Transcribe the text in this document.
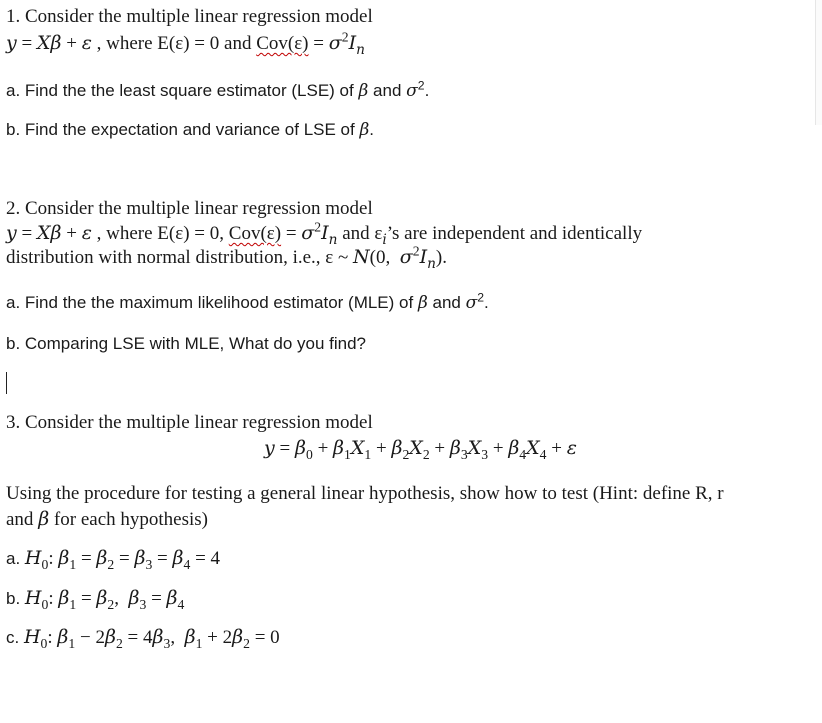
1. Consider the multiple linear regression model
y = Xβ + ε , where E(ε) = 0 and $Cov(\varepsilon) = \sigma^2I_n$
a. Find the the least square estimator (LSE) of β and $\sigma^2$.
b. Find the expectation and variance of LSE of β.
2. Consider the multiple linear regression model
y = Xβ + ε , where E(ε) = 0, $Cov(\varepsilon) = \sigma^2I_n$ and $\varepsilon_i’s$ are independent and identically
distribution with normal distribution, i.e., ε ~ N(0,  $\sigma^2I_n$).
a. Find the the maximum likelihood estimator (MLE) of β and $\sigma^2$.
b. Comparing LSE with MLE, What do you find?
3. Consider the multiple linear regression model
$y = \beta_0 + \beta_1X_1 + \beta_2X_2 + \beta_3X_3 + \beta_4X_4 + \varepsilon$
Using the procedure for testing a general linear hypothesis, show how to test (Hint: define R, r
and β for each hypothesis)
a. $H_0$: $\beta_1 = \beta_2 = \beta_3 = \beta_4 = 4$
b. $H_0$: $\beta_1 = \beta_2$,  $\beta_3 = \beta_4$
c. $H_0$: $\beta_1 - 2\beta_2 = 4\beta_3$,  $\beta_1 + 2\beta_2 = 0$
